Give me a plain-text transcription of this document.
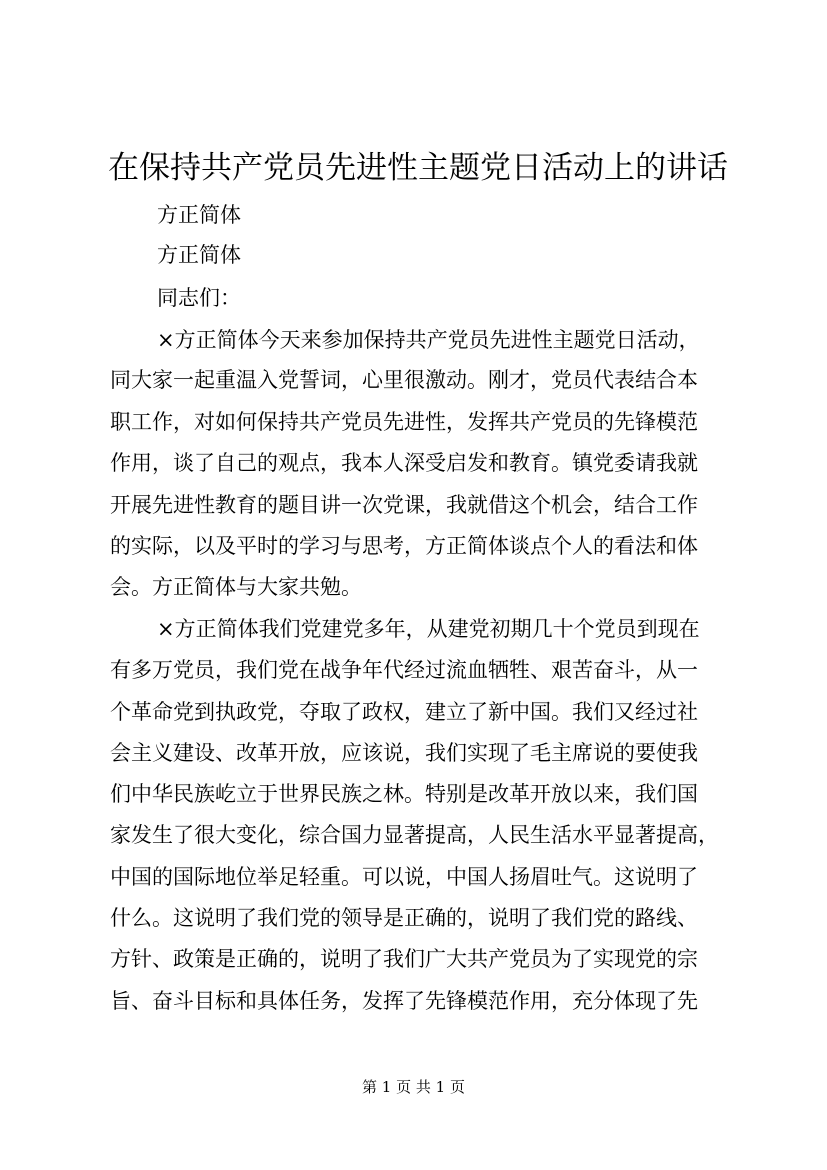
在保持共产党员先进性主题党日活动上的讲话

方正简体

方正简体

同志们：

×方正简体今天来参加保持共产党员先进性主题党日活动，

同大家一起重温入党誓词，心里很激动。刚才，党员代表结合本

职工作，对如何保持共产党员先进性，发挥共产党员的先锋模范

作用，谈了自己的观点，我本人深受启发和教育。镇党委请我就

开展先进性教育的题目讲一次党课，我就借这个机会，结合工作

的实际，以及平时的学习与思考，方正简体谈点个人的看法和体

会。方正简体与大家共勉。

×方正简体我们党建党多年，从建党初期几十个党员到现在

有多万党员，我们党在战争年代经过流血牺牲、艰苦奋斗，从一

个革命党到执政党，夺取了政权，建立了新中国。我们又经过社

会主义建设、改革开放，应该说，我们实现了毛主席说的要使我

们中华民族屹立于世界民族之林。特别是改革开放以来，我们国

家发生了很大变化，综合国力显著提高，人民生活水平显著提高，

中国的国际地位举足轻重。可以说，中国人扬眉吐气。这说明了

什么。这说明了我们党的领导是正确的，说明了我们党的路线、

方针、政策是正确的，说明了我们广大共产党员为了实现党的宗

旨、奋斗目标和具体任务，发挥了先锋模范作用，充分体现了先

第 1 页 共 1 页
